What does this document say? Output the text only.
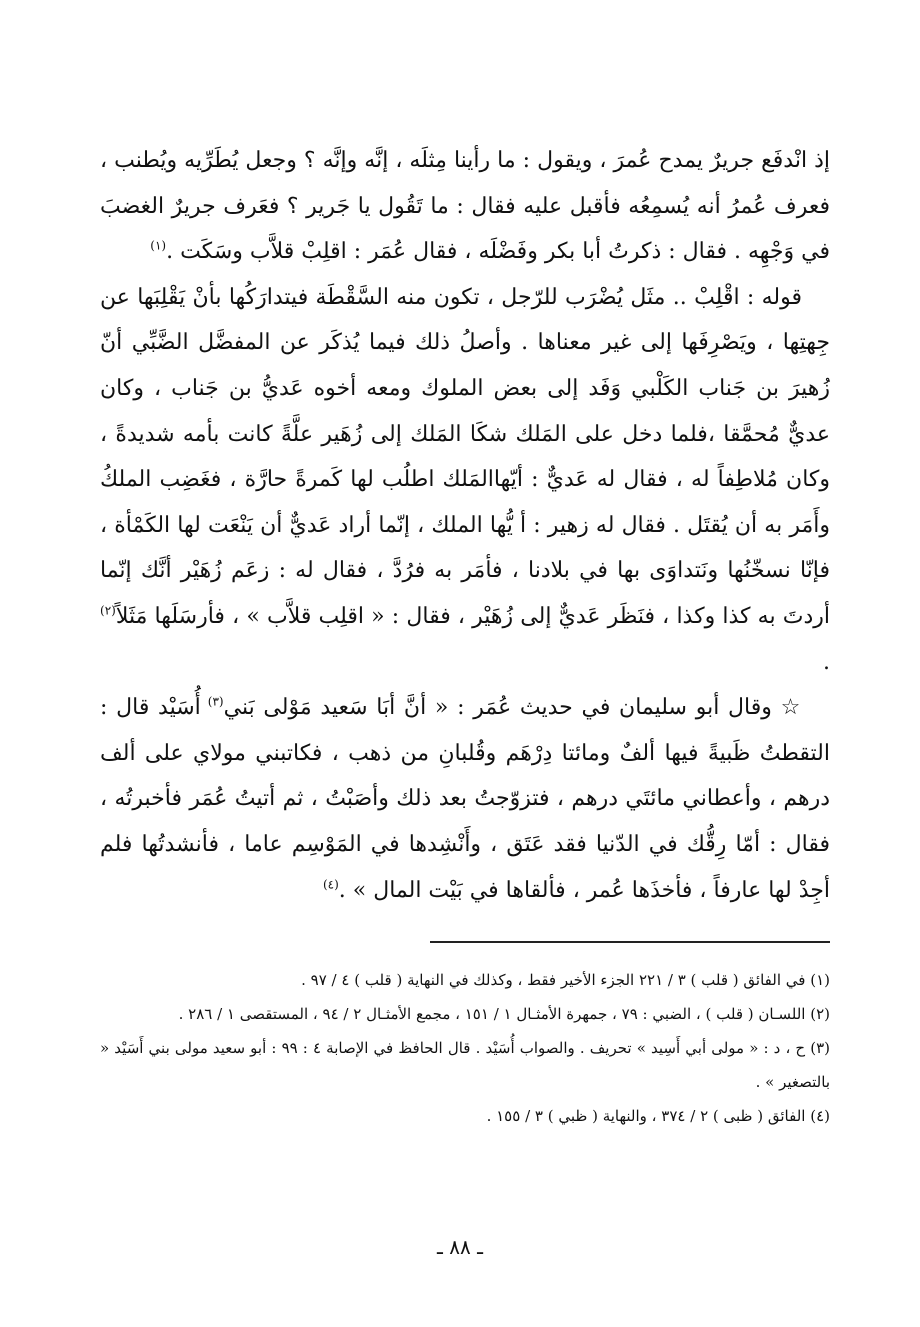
إذ انْدفَع جريرٌ يمدح عُمرَ ، ويقول : ما رأينا مِثلَه ، إنَّه وإنَّه ؟ وجعل يُطَرِّيه ويُطنب ، فعرف عُمرُ أنه يُسمِعُه فأقبل عليه فقال : ما تَقُول يا جَرير ؟ فعَرف جريرٌ الغضبَ في وَجْهِه . فقال : ذكرتُ أبا بكر وفَضْلَه ، فقال عُمَر : اقلِبْ قلاَّب وسَكَت .$^{(١)}$

قوله : اقْلِبْ .. مثَل يُضْرَب للرّجل ، تكون منه السَّقْطَة فيتدارَكُها بأنْ يَقْلِبَها عن جِهتِها ، ويَصْرِفَها إلى غير معناها . وأصلُ ذلك فيما يُذكَر عن المفضَّل الضَّبِّي أنّ زُهيرَ بن جَناب الكَلْبي وَفَد إلى بعض الملوك ومعه أخوه عَديُّ بن جَناب ، وكان عديٌّ مُحمَّقا ،فلما دخل على المَلك شكَا المَلك إلى زُهَير علَّةً كانت بأمه شديدةً ، وكان مُلاطِفاً له ، فقال له عَديٌّ : أيّهاالمَلك اطلُب لها كَمرةً حارَّة ، فغَضِب الملكُ وأَمَر به أن يُقتَل . فقال له زهير : أ يُّها الملك ، إنّما أراد عَديٌّ أن يَنْعَت لها الكَمْأة ، فإنّا نسخّنُها ونَتداوَى بها في بلادنا ، فأمَر به فرُدَّ ، فقال له : زعَم زُهَيْر أنَّك إنّما أردتَ به كذا وكذا ، فنَظَر عَديٌّ إلى زُهَيْر ، فقال : « اقلِب قلاَّب » ، فأرسَلَها مَثَلاً$^{(٢)}$ .

☆ وقال أبو سليمان في حديث عُمَر : « أنَّ أبَا سَعيد مَوْلى بَني$^{(٣)}$ أُسَيْد قال : التقطتُ ظَبيةً فيها ألفٌ ومائتا دِرْهَم وقُلبانِ من ذهب ، فكاتبني مولاي على ألف درهم ، وأعطاني مائتَي درهم ، فتزوّجتُ بعد ذلك وأصَبْتُ ، ثم أتيتُ عُمَر فأخبرتُه ، فقال : أمّا رِقُّك في الدّنيا فقد عَتَق ، وأَنْشِدها في المَوْسِم عاما ، فأنشدتُها فلم أجِدْ لها عارفاً ، فأخذَها عُمر ، فألقاها في بَيْت المال » .$^{(٤)}$

(١) في الفائق ( قلب ) ٣ / ٢٢١ الجزء الأخير فقط ، وكذلك في النهاية ( قلب ) ٤ / ٩٧ .

(٢) اللسـان ( قلب ) ، الضبي : ٧٩ ، جمهرة الأمثـال ١ / ١٥١ ، مجمع الأمثـال ٢ / ٩٤ ، المستقصى ١ / ٢٨٦ .

(٣) ح ، د : « مولى أبي أَسِيد » تحريف . والصواب أُسَيْد . قال الحافظ في الإصابة ٤ : ٩٩ : أبو سعيد مولى بني أَسَيْد « بالتصغير » .

(٤) الفائق ( ظبى ) ٢ / ٣٧٤ ، والنهاية ( ظبي ) ٣ / ١٥٥ .

ـ ٨٨ ـ
